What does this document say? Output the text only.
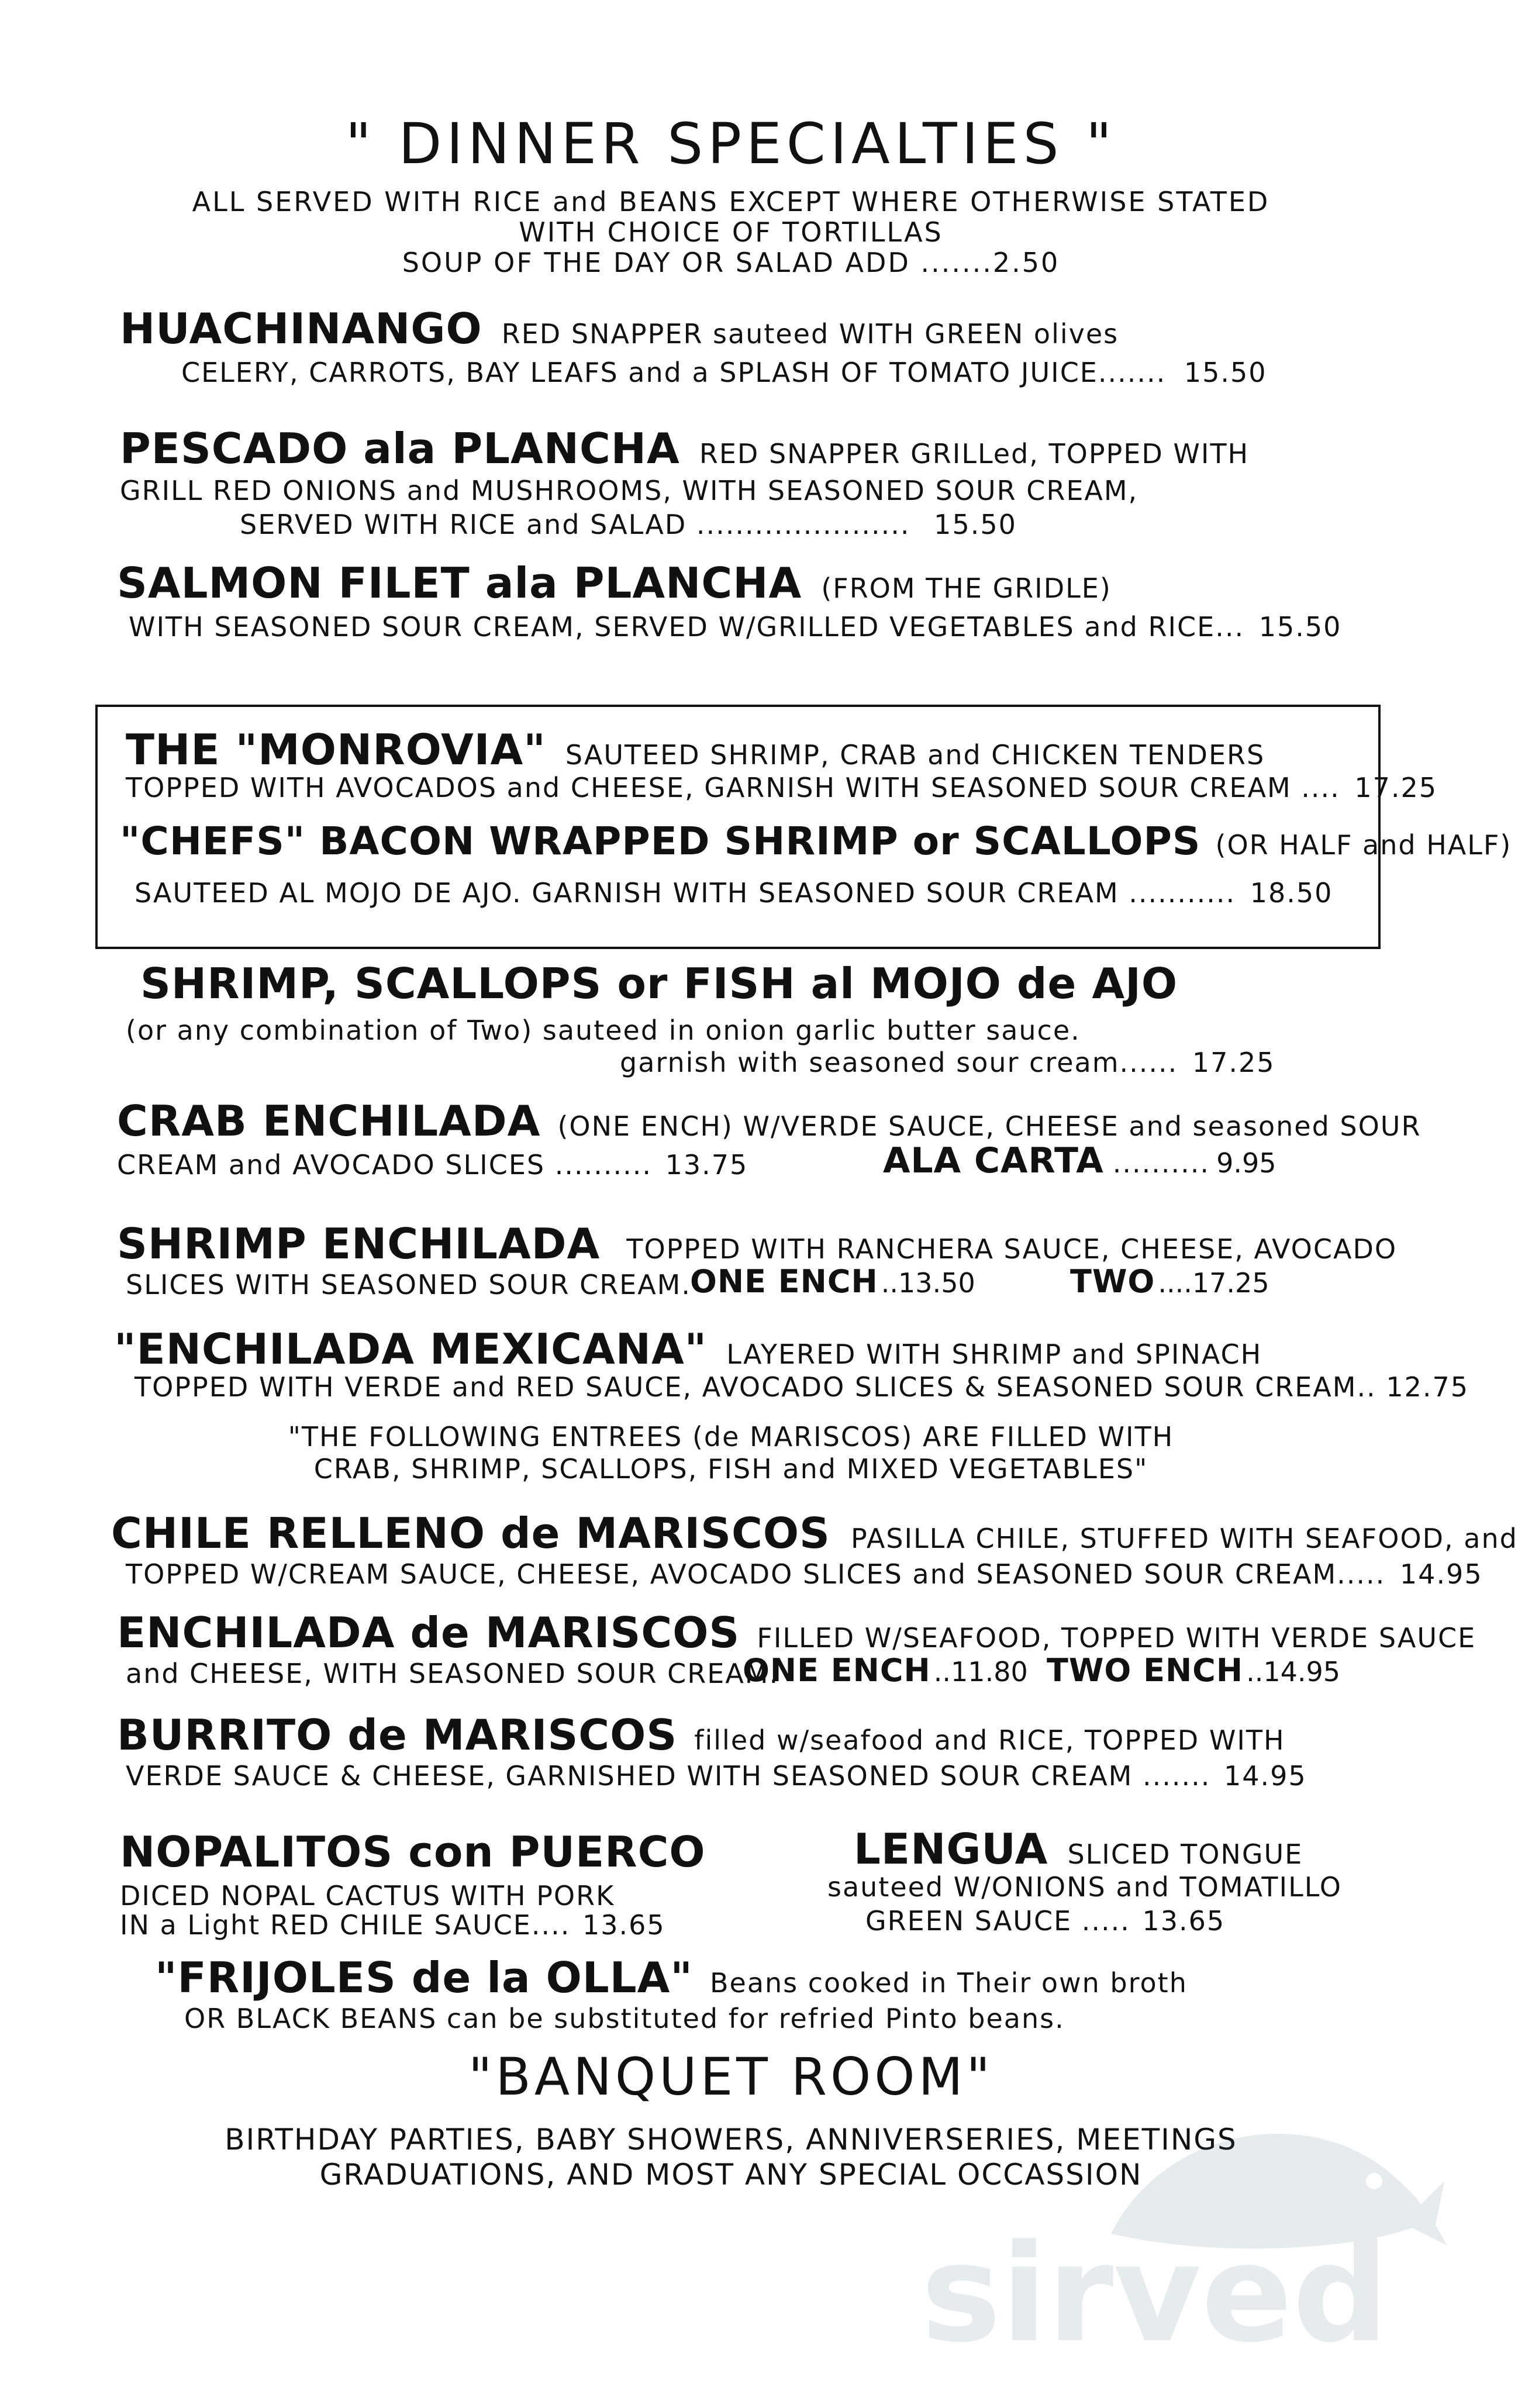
" DINNER SPECIALTIES "
ALL SERVED WITH RICE and BEANS EXCEPT WHERE OTHERWISE STATED
WITH CHOICE OF TORTILLAS
SOUP OF THE DAY OR SALAD ADD .......2.50
HUACHINANGO RED SNAPPER sauteed WITH GREEN olives
CELERY, CARROTS, BAY LEAFS and a SPLASH OF TOMATO JUICE....... 15.50
PESCADO ala PLANCHA RED SNAPPER GRILLed, TOPPED WITH
GRILL RED ONIONS and MUSHROOMS, WITH SEASONED SOUR CREAM,
SERVED WITH RICE and SALAD ...................... 15.50
SALMON FILET ala PLANCHA (FROM THE GRIDLE)
WITH SEASONED SOUR CREAM, SERVED W/GRILLED VEGETABLES and RICE... 15.50
THE "MONROVIA" SAUTEED SHRIMP, CRAB and CHICKEN TENDERS
TOPPED WITH AVOCADOS and CHEESE, GARNISH WITH SEASONED SOUR CREAM .... 17.25
"CHEFS" BACON WRAPPED SHRIMP or SCALLOPS (OR HALF and HALF)
SAUTEED AL MOJO DE AJO. GARNISH WITH SEASONED SOUR CREAM ........... 18.50
SHRIMP, SCALLOPS or FISH al MOJO de AJO
(or any combination of Two) sauteed in onion garlic butter sauce.
garnish with seasoned sour cream...... 17.25
CRAB ENCHILADA (ONE ENCH) W/VERDE SAUCE, CHEESE and seasoned SOUR
CREAM and AVOCADO SLICES .......... 13.75	ALA CARTA .......... 9.95
SHRIMP ENCHILADA TOPPED WITH RANCHERA SAUCE, CHEESE, AVOCADO
SLICES WITH SEASONED SOUR CREAM.
ONE ENCH ..13.50	TWO ....17.25
"ENCHILADA MEXICANA" LAYERED WITH SHRIMP and SPINACH
TOPPED WITH VERDE and RED SAUCE, AVOCADO SLICES & SEASONED SOUR CREAM.. 12.75
"THE FOLLOWING ENTREES (de MARISCOS) ARE FILLED WITH
CRAB, SHRIMP, SCALLOPS, FISH and MIXED VEGETABLES"
CHILE RELLENO de MARISCOS PASILLA CHILE, STUFFED WITH SEAFOOD, and
TOPPED W/CREAM SAUCE, CHEESE, AVOCADO SLICES and SEASONED SOUR CREAM..... 14.95
ENCHILADA de MARISCOS FILLED W/SEAFOOD, TOPPED WITH VERDE SAUCE
and CHEESE, WITH SEASONED SOUR CREAM.
ONE ENCH ..11.80 TWO ENCH ..14.95
BURRITO de MARISCOS filled w/seafood and RICE, TOPPED WITH
VERDE SAUCE & CHEESE, GARNISHED WITH SEASONED SOUR CREAM ....... 14.95
NOPALITOS con PUERCO
DICED NOPAL CACTUS WITH PORK
IN a Light RED CHILE SAUCE.... 13.65
LENGUA SLICED TONGUE
sauteed W/ONIONS and TOMATILLO
GREEN SAUCE ..... 13.65
"FRIJOLES de la OLLA" Beans cooked in Their own broth
OR BLACK BEANS can be substituted for refried Pinto beans.
"BANQUET ROOM"
BIRTHDAY PARTIES, BABY SHOWERS, ANNIVERSERIES, MEETINGS
GRADUATIONS, AND MOST ANY SPECIAL OCCASSION
sirved
